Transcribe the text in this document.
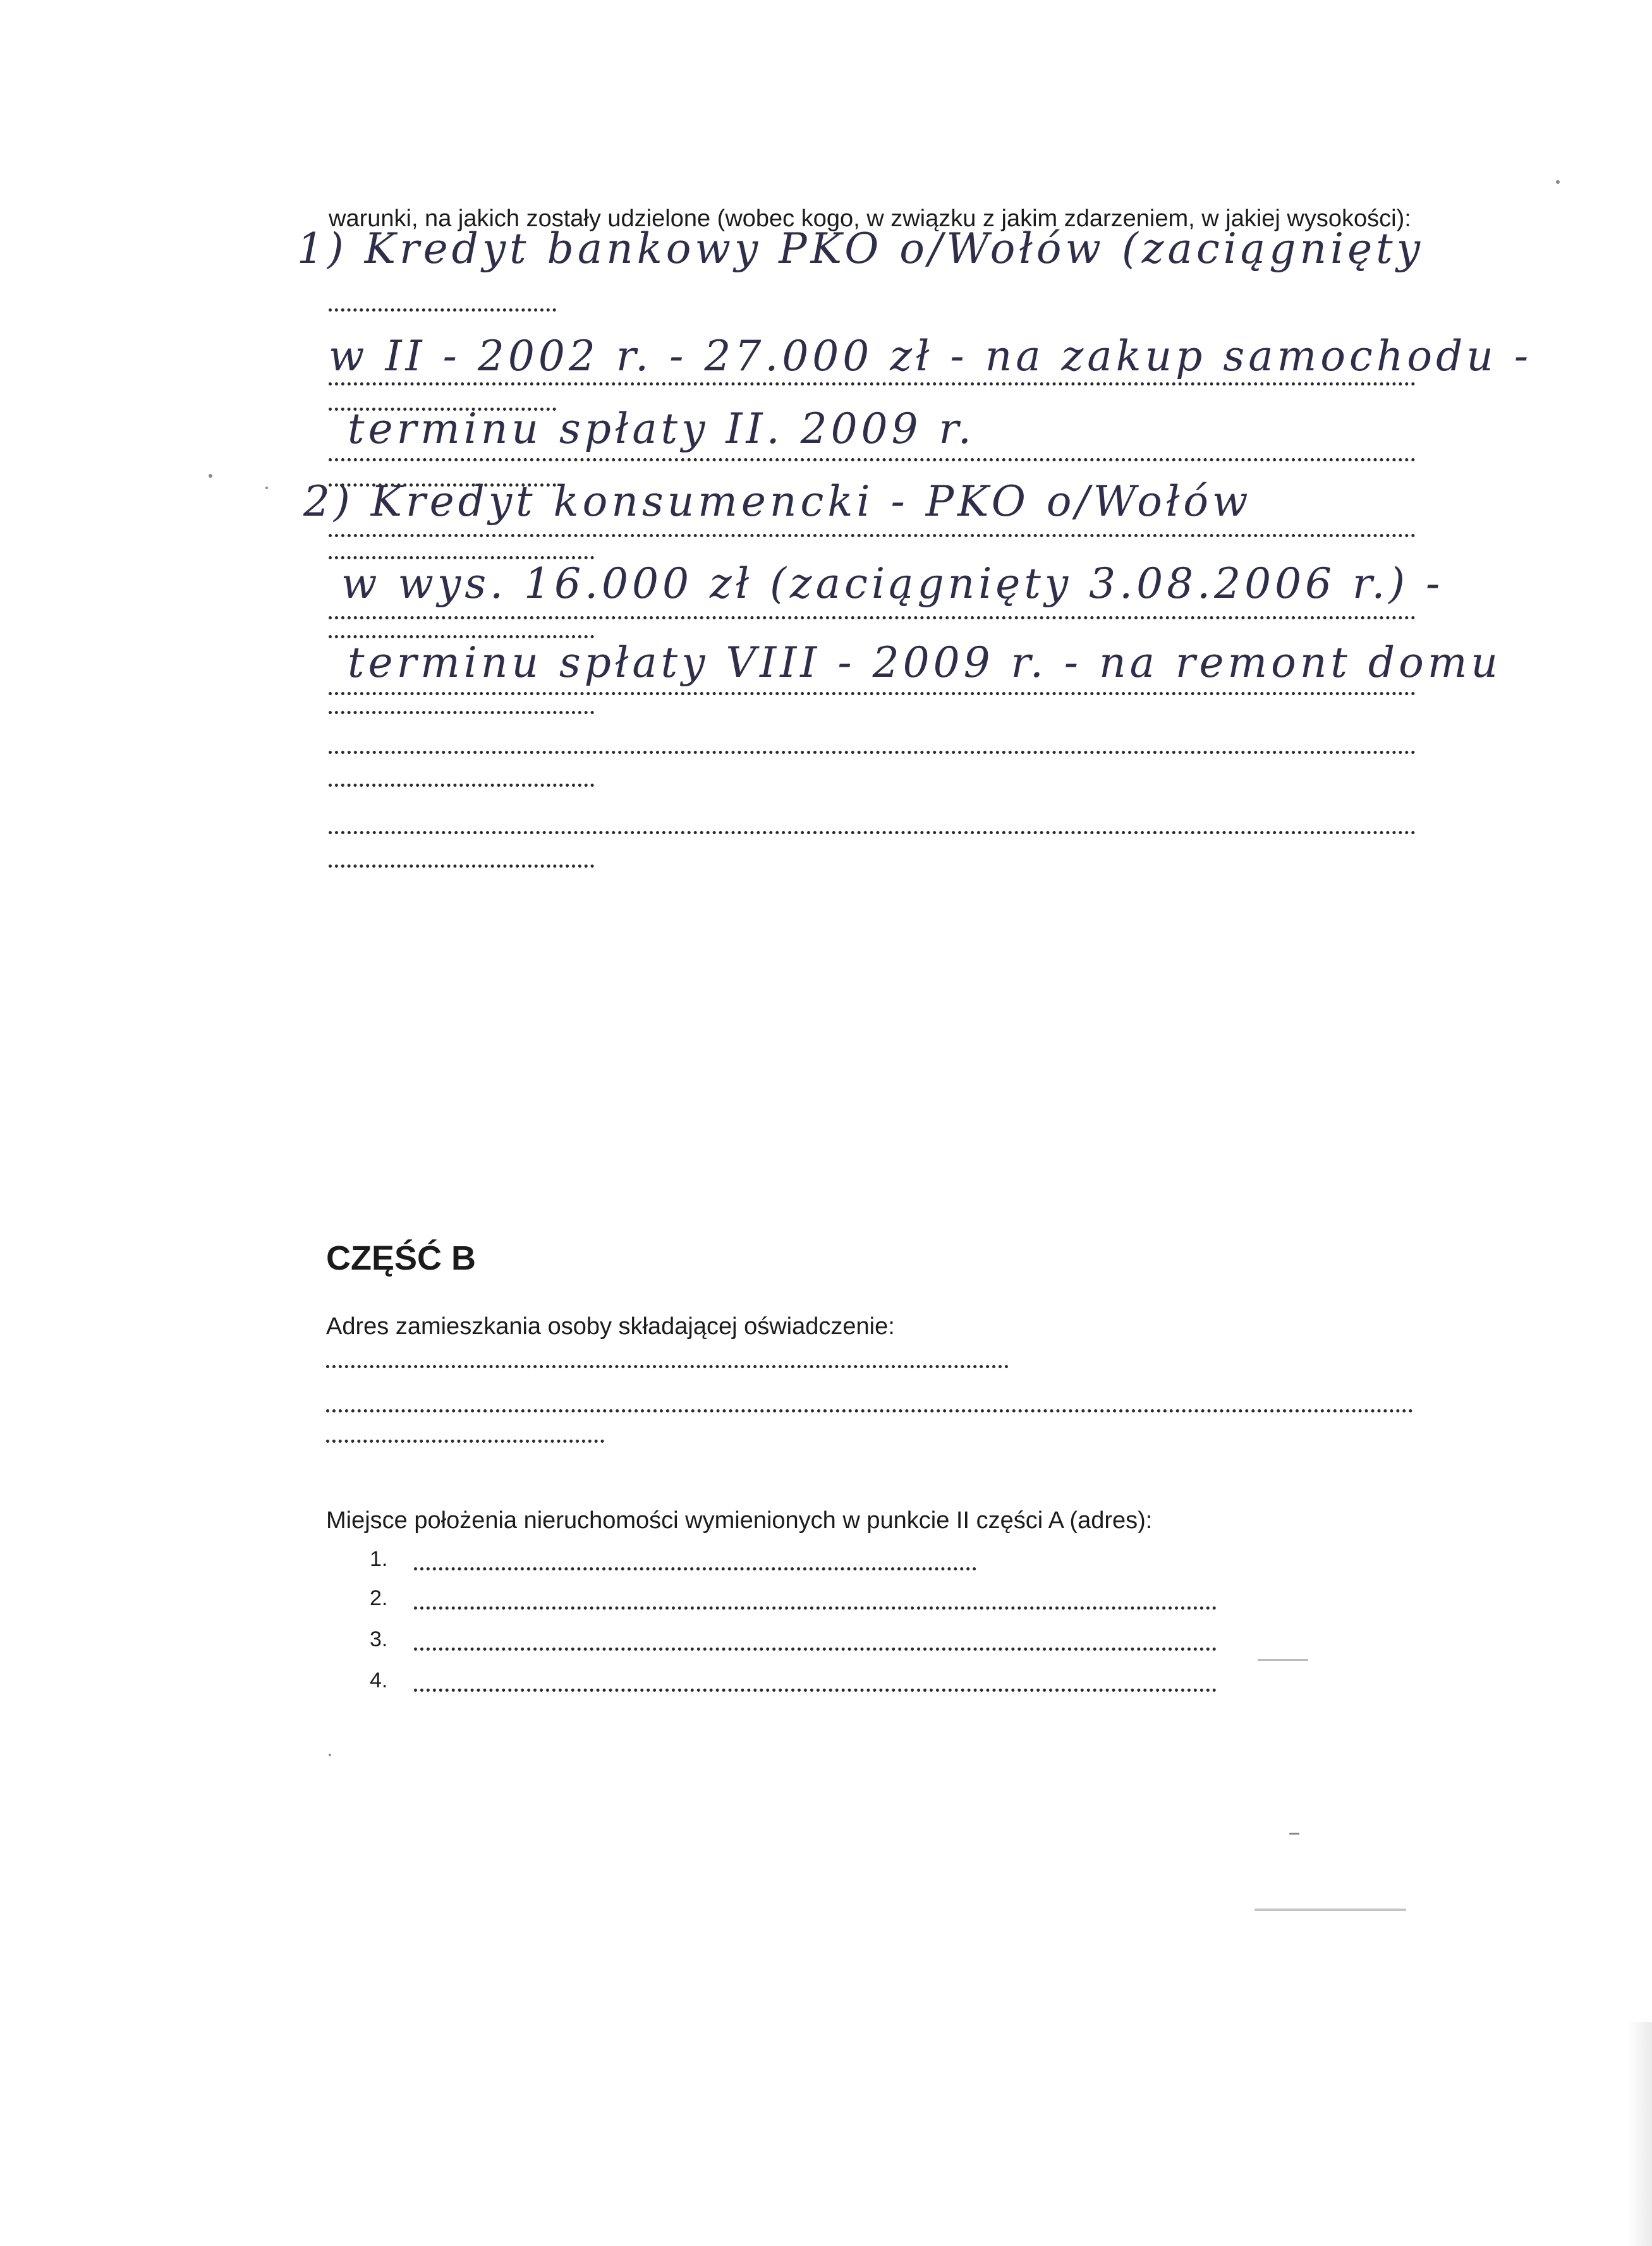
warunki, na jakich zostały udzielone (wobec kogo, w związku z jakim zdarzeniem, w jakiej wysokości):
1) Kredyt bankowy PKO o/Wołów (zaciągnięty
w II - 2002 r. - 27.000 zł - na zakup samochodu -
terminu spłaty II. 2009 r.
2) Kredyt konsumencki - PKO o/Wołów
w wys. 16.000 zł (zaciągnięty 3.08.2006 r.) -
terminu spłaty VIII - 2009 r. - na remont domu
CZĘŚĆ B
Adres zamieszkania osoby składającej oświadczenie:
Miejsce położenia nieruchomości wymienionych w punkcie II części A (adres):
1.
2.
3.
4.
